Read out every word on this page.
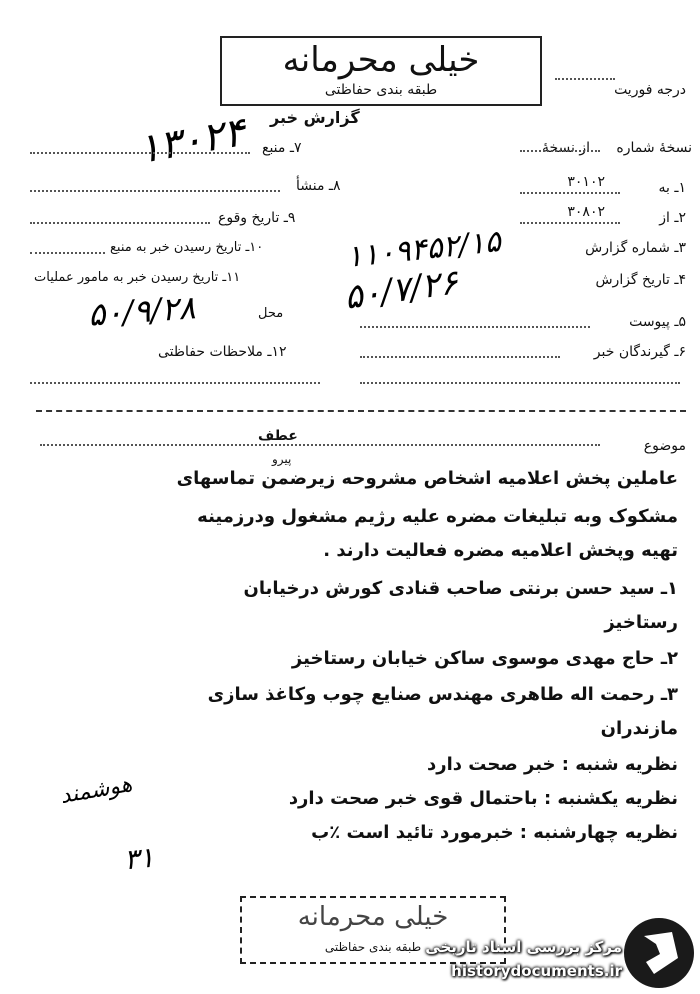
خیلی محرمانه
طبقه بندی حفاظتی	درجه فوریت
گزارش خبر
۱۳۰۲۴	نسخهٔ شماره
از نسخهٔ
۱ـ به
۳۰۱۰۲
۲ـ از
۳۰۸۰۲
۳ـ شماره گزارش
۱۱۰۹۴۵۲/۱۵
۴ـ تاریخ گزارش
۵۰/۷/۲۶
۵ـ پیوست
۶ـ گیرندگان خبر
۷ـ منبع
۸ـ منشأ
۹ـ تاریخ وقوع
۱۰ـ تاریخ رسیدن خبر به منبع
۱۱ـ تاریخ رسیدن خبر به مامور عملیات
محل
۵۰/۹/۲۸
۱۲ـ ملاحظات حفاظتی
عطف
موضوع
پیرو
عاملین پخش اعلامیه اشخاص مشروحه زیرضمن تماسهای
مشکوک وبه تبلیغات مضره علیه رژیم مشغول ودرزمینه
تهیه وپخش اعلامیه مضره فعالیت دارند .
۱ـ سید حسن برنتی صاحب قنادی کورش درخیابان
رستاخیز
۲ـ حاج مهدی موسوی ساکن خیابان رستاخیز
۳ـ رحمت اله طاهری مهندس صنایع چوب وکاغذ سازی
مازندران
نظریه شنبه : خبر صحت دارد
نظریه یکشنبه : باحتمال قوی خبر صحت دارد
نظریه چهارشنبه : خبرمورد تائید است ٪ب
هوشمند
۳۱
خیلی محرمانه
طبقه بندی حفاظتی مرکز بررسی اسناد تاریخی
historydocuments.ir
